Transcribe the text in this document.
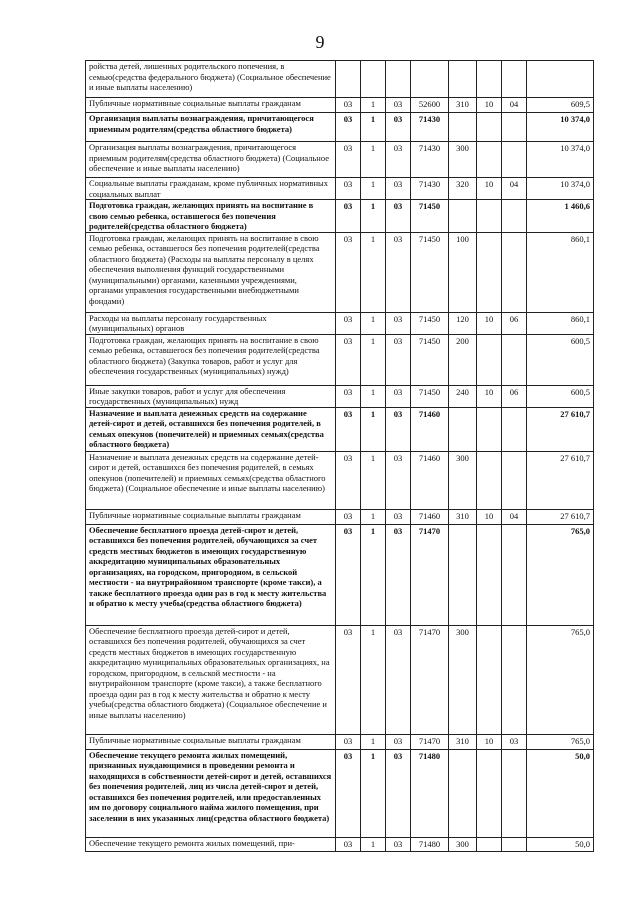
9
ройства детей, лишенных родительского попечения, в семью(средства федерального бюджета) (Социальное обеспечение и иные выплаты населению)								
Публичные нормативные социальные выплаты гражданам	03	1	03	52600	310	10	04	609,5
Организация выплаты вознаграждения, причитающегося приемным родителям(средства областного бюджета)	03	1	03	71430				10 374,0
Организация выплаты вознаграждения, причитающегося приемным родителям(средства областного бюджета) (Социальное обеспечение и иные выплаты населению)	03	1	03	71430	300			10 374,0
Социальные выплаты гражданам, кроме публичных нормативных социальных выплат	03	1	03	71430	320	10	04	10 374,0
Подготовка граждан, желающих принять на воспитание в свою семью ребенка, оставшегося без попечения родителей(средства областного бюджета)	03	1	03	71450				1 460,6
Подготовка граждан, желающих принять на воспитание в свою семью ребенка, оставшегося без попечения родителей(средства областного бюджета) (Расходы на выплаты персоналу в целях обеспечения выполнения функций государственными (муниципальными) органами, казенными учреждениями, органами управления государственными внебюджетными фондами)	03	1	03	71450	100			860,1
Расходы на выплаты персоналу государственных (муниципальных) органов	03	1	03	71450	120	10	06	860,1
Подготовка граждан, желающих принять на воспитание в свою семью ребенка, оставшегося без попечения родителей(средства областного бюджета) (Закупка товаров, работ и услуг для обеспечения государственных (муниципальных) нужд)	03	1	03	71450	200			600,5
Иные закупки товаров, работ и услуг для обеспечения государственных (муниципальных) нужд	03	1	03	71450	240	10	06	600,5
Назначение и выплата денежных средств на содержание детей-сирот и детей, оставшихся без попечения родителей, в семьях опекунов (попечителей) и приемных семьях(средства областного бюджета)	03	1	03	71460				27 610,7
Назначение и выплата денежных средств на содержание детей-сирот и детей, оставшихся без попечения родителей, в семьях опекунов (попечителей) и приемных семьях(средства областного бюджета) (Социальное обеспечение и иные выплаты населению)	03	1	03	71460	300			27 610,7
Публичные нормативные социальные выплаты гражданам	03	1	03	71460	310	10	04	27 610,7
Обеспечение бесплатного проезда детей-сирот и детей, оставшихся без попечения родителей, обучающихся за счет средств местных бюджетов в имеющих государственную аккредитацию муниципальных образовательных организациях, на городском, пригородном, в сельской местности - на внутрирайонном транспорте (кроме такси), а также бесплатного проезда один раз в год к месту жительства и обратно к месту учебы(средства областного бюджета)	03	1	03	71470				765,0
Обеспечение бесплатного проезда детей-сирот и детей, оставшихся без попечения родителей, обучающихся за счет средств местных бюджетов в имеющих государственную аккредитацию муниципальных образовательных организациях, на городском, пригородном, в сельской местности - на внутрирайонном транспорте (кроме такси), а также бесплатного проезда один раз в год к месту жительства и обратно к месту учебы(средства областного бюджета) (Социальное обеспечение и иные выплаты населению)	03	1	03	71470	300			765,0
Публичные нормативные социальные выплаты гражданам	03	1	03	71470	310	10	03	765,0
Обеспечение текущего ремонта жилых помещений, признанных нуждающимися в проведении ремонта и находящихся в собственности детей-сирот и детей, оставшихся без попечения родителей, лиц из числа детей-сирот и детей, оставшихся без попечения родителей, или предоставленных им по договору социального найма жилого помещения, при заселении в них указанных лиц(средства областного бюджета)	03	1	03	71480				50,0
Обеспечение текущего ремонта жилых помещений, при-	03	1	03	71480	300			50,0
